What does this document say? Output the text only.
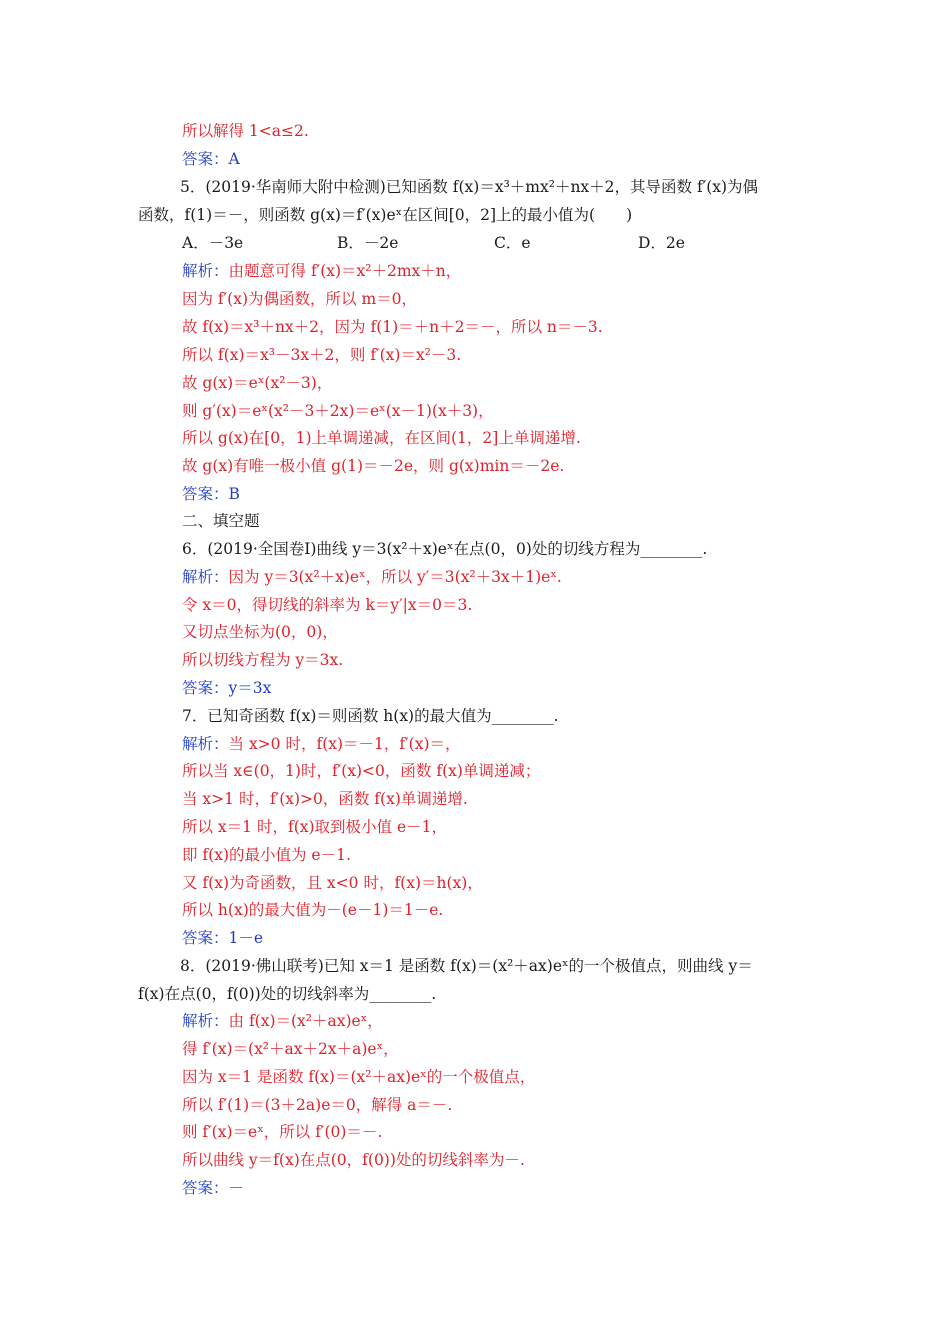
所以解得 1<a≤2.
答案：A
5．(2019·华南师大附中检测)已知函数 f(x)＝x³＋mx²＋nx＋2，其导函数 f′(x)为偶
函数，f(1)＝－，则函数 g(x)＝f′(x)eˣ在区间[0，2]上的最小值为(　　)
A．－3e	B．－2e	C．e	D．2e
解析：由题意可得 f′(x)＝x²＋2mx＋n，
因为 f′(x)为偶函数，所以 m＝0，
故 f(x)＝x³＋nx＋2，因为 f(1)＝＋n＋2＝－，所以 n＝－3.
所以 f(x)＝x³－3x＋2，则 f′(x)＝x²－3.
故 g(x)＝eˣ(x²－3)，
则 g′(x)＝eˣ(x²－3＋2x)＝eˣ(x－1)(x＋3)，
所以 g(x)在[0，1)上单调递减，在区间(1，2]上单调递增.
故 g(x)有唯一极小值 g(1)＝－2e，则 g(x)min＝－2e.
答案：B
二、填空题
6．(2019·全国卷Ⅰ)曲线 y＝3(x²＋x)eˣ在点(0，0)处的切线方程为________.
解析：因为 y＝3(x²＋x)eˣ，所以 y′＝3(x²＋3x＋1)eˣ.
令 x＝0，得切线的斜率为 k＝y′|x＝0＝3.
又切点坐标为(0，0)，
所以切线方程为 y＝3x.
答案：y＝3x
7．已知奇函数 f(x)＝则函数 h(x)的最大值为________.
解析：当 x>0 时，f(x)＝－1，f′(x)＝，
所以当 x∈(0，1)时，f′(x)<0，函数 f(x)单调递减；
当 x>1 时，f′(x)>0，函数 f(x)单调递增.
所以 x＝1 时，f(x)取到极小值 e－1，
即 f(x)的最小值为 e－1.
又 f(x)为奇函数，且 x<0 时，f(x)＝h(x)，
所以 h(x)的最大值为－(e－1)＝1－e.
答案：1－e
8．(2019·佛山联考)已知 x＝1 是函数 f(x)＝(x²＋ax)eˣ的一个极值点，则曲线 y＝
f(x)在点(0，f(0))处的切线斜率为________.
解析：由 f(x)＝(x²＋ax)eˣ，
得 f′(x)＝(x²＋ax＋2x＋a)eˣ，
因为 x＝1 是函数 f(x)＝(x²＋ax)eˣ的一个极值点，
所以 f′(1)＝(3＋2a)e＝0，解得 a＝－.
则 f′(x)＝eˣ，所以 f′(0)＝－.
所以曲线 y＝f(x)在点(0，f(0))处的切线斜率为－.
答案：－
